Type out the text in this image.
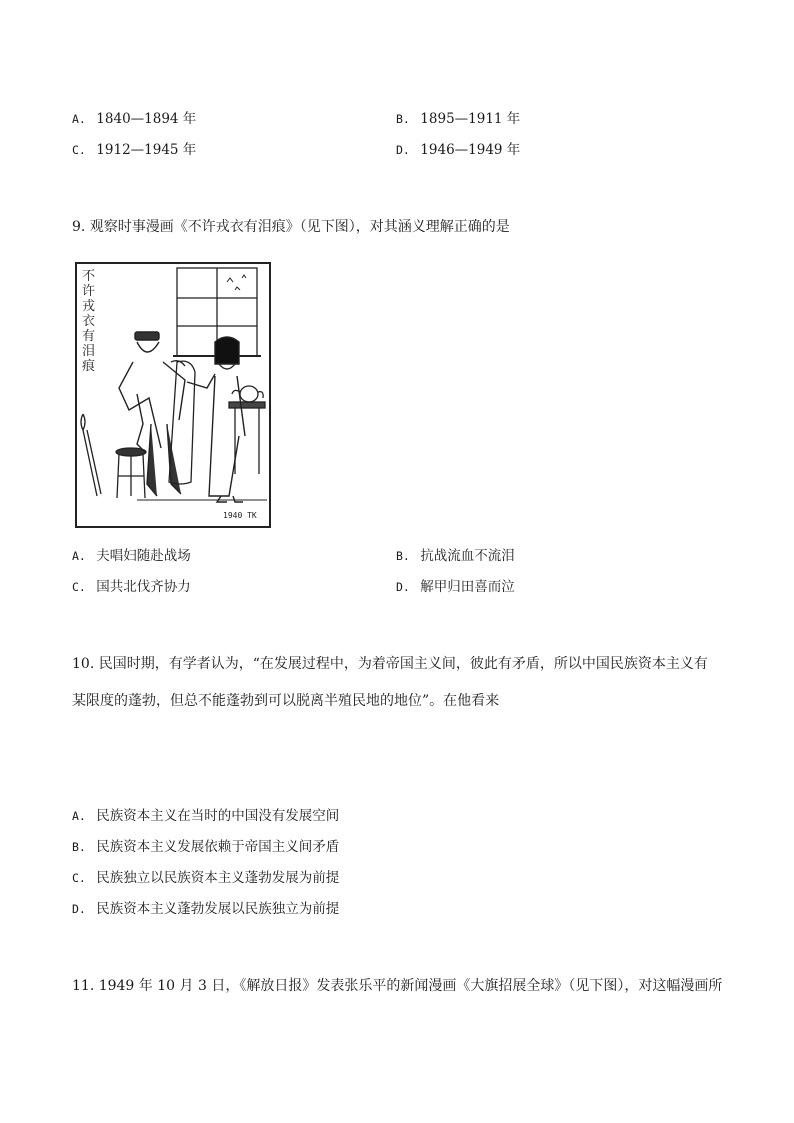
A. 1840—1894 年	B. 1895—1911 年
C. 1912—1945 年	D. 1946—1949 年
9. 观察时事漫画《不许戎衣有泪痕》（见下图），对其涵义理解正确的是
不
许
戎
衣
有
泪
痕
1940 TK
A. 夫唱妇随赴战场	B. 抗战流血不流泪
C. 国共北伐齐协力	D. 解甲归田喜而泣
10. 民国时期，有学者认为，“在发展过程中，为着帝国主义间，彼此有矛盾，所以中国民族资本主义有
某限度的蓬勃，但总不能蓬勃到可以脱离半殖民地的地位”。在他看来
A. 民族资本主义在当时的中国没有发展空间
B. 民族资本主义发展依赖于帝国主义间矛盾
C. 民族独立以民族资本主义蓬勃发展为前提
D. 民族资本主义蓬勃发展以民族独立为前提
11. 1949 年 10 月 3 日，《解放日报》发表张乐平的新闻漫画《大旗招展全球》（见下图），对这幅漫画所
